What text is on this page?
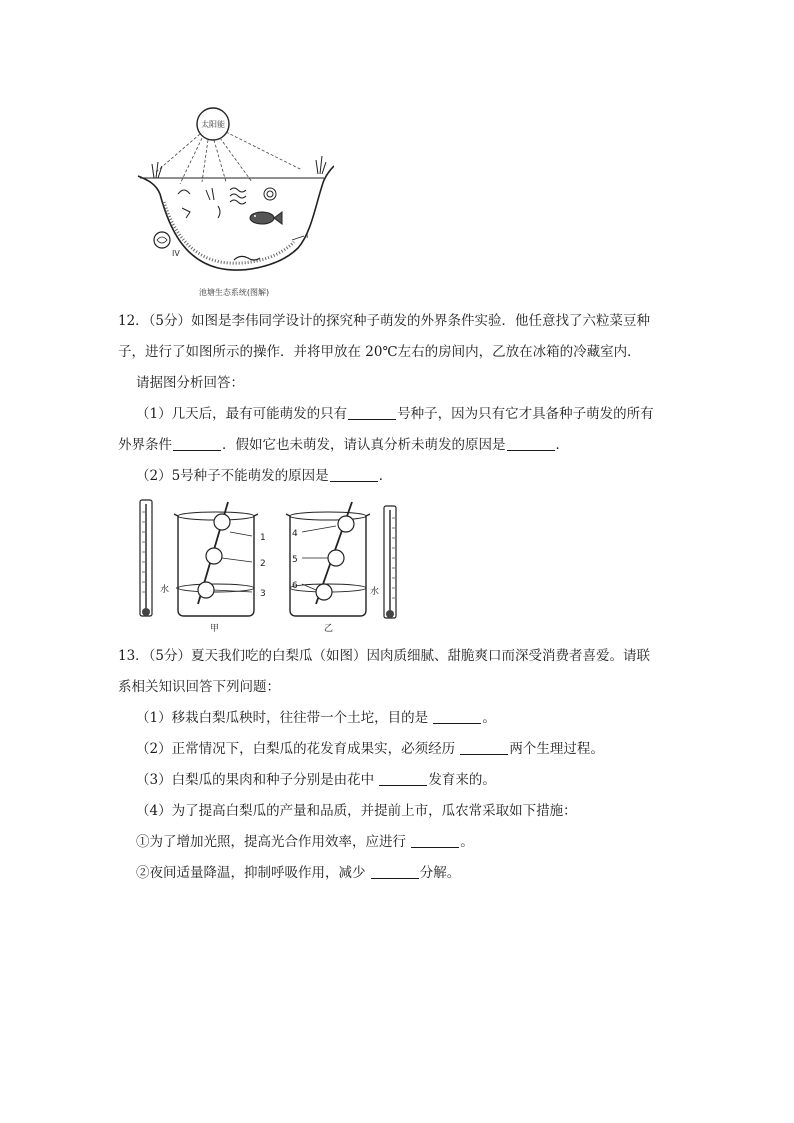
太阳能
IV
I
池塘生态系统(图解)
12．（5分）如图是李伟同学设计的探究种子萌发的外界条件实验．他任意找了六粒菜豆种
子，进行了如图所示的操作．并将甲放在 20℃左右的房间内，乙放在冰箱的冷藏室内．
请据图分析回答：
（1）几天后，最有可能萌发的只有	号种子，因为只有它才具备种子萌发的所有
外界条件	．假如它也未萌发，请认真分析未萌发的原因是	．
（2）5号种子不能萌发的原因是	．
水
1
2
3
甲
4
5
6
乙
水
13．（5分）夏天我们吃的白梨瓜（如图）因肉质细腻、甜脆爽口而深受消费者喜爱。请联
系相关知识回答下列问题：
（1）移栽白梨瓜秧时，往往带一个土坨，目的是	。
（2）正常情况下，白梨瓜的花发育成果实，必须经历	两个生理过程。
（3）白梨瓜的果肉和种子分别是由花中	发育来的。
（4）为了提高白梨瓜的产量和品质，并提前上市，瓜农常采取如下措施：
①为了增加光照，提高光合作用效率，应进行	。
②夜间适量降温，抑制呼吸作用，减少	分解。
